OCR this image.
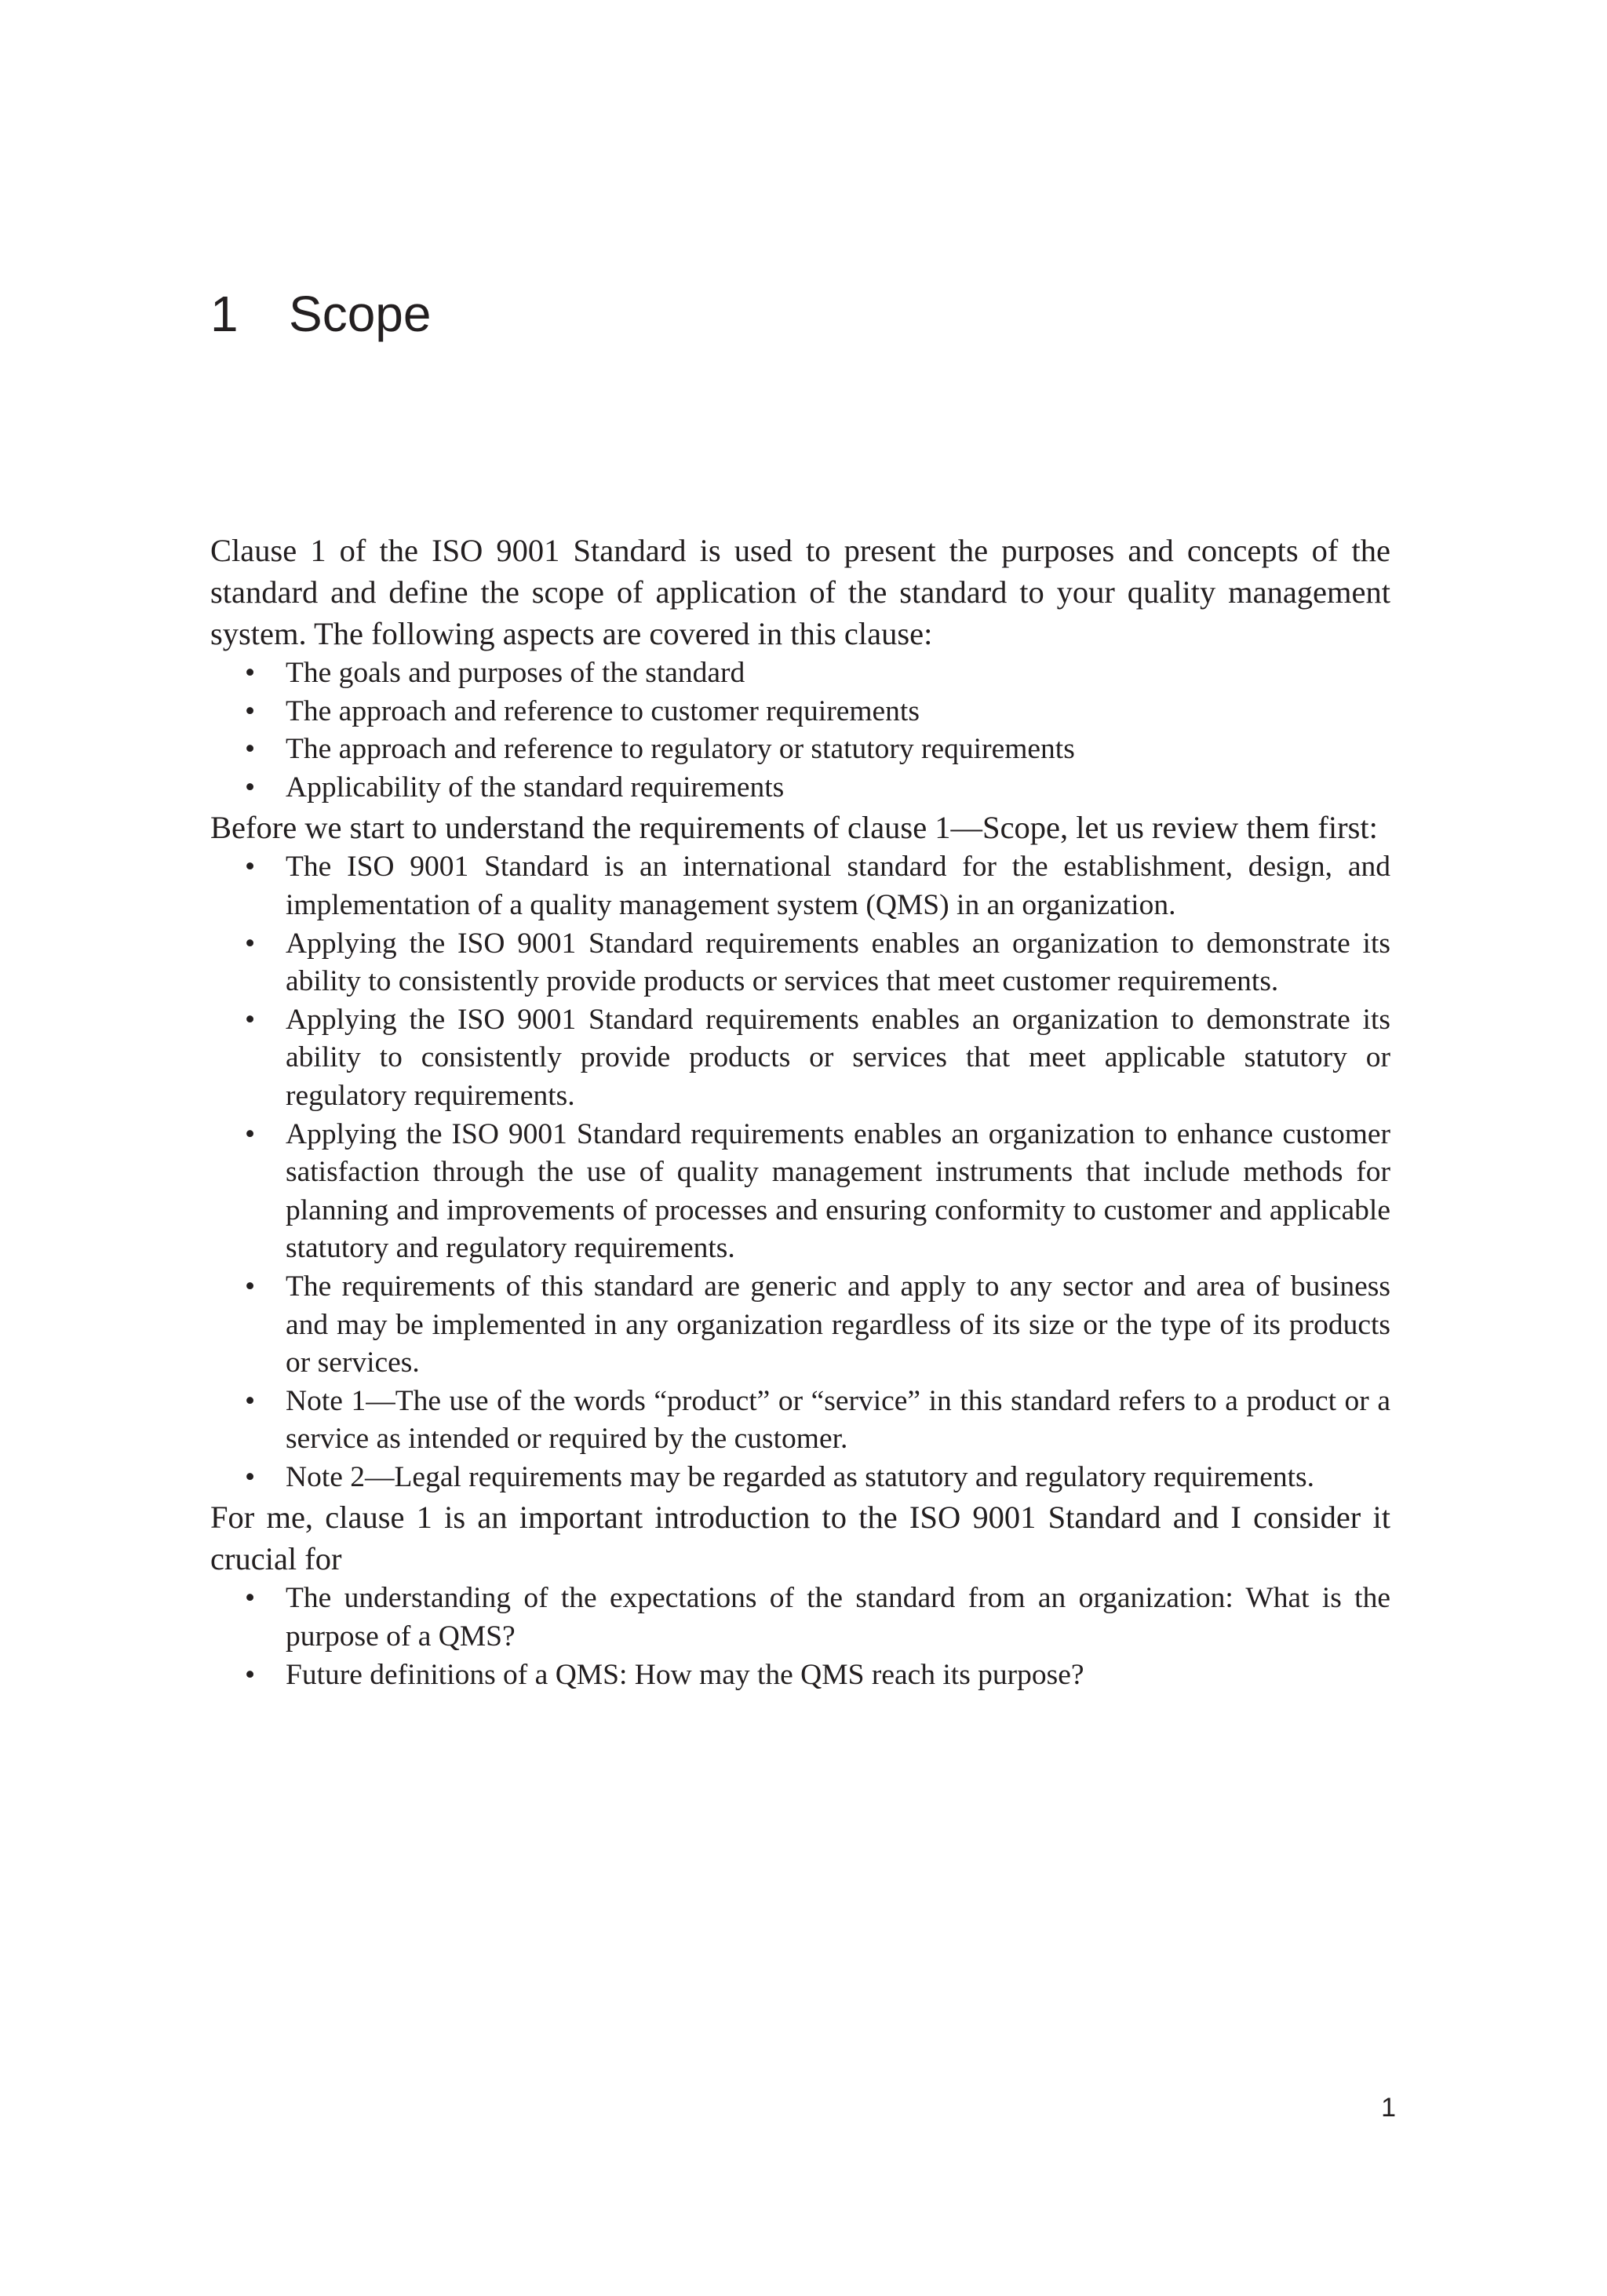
1 Scope

Clause 1 of the ISO 9001 Standard is used to present the purposes and concepts of the standard and define the scope of application of the standard to your quality management system. The following aspects are covered in this clause:

• The goals and purposes of the standard
• The approach and reference to customer requirements
• The approach and reference to regulatory or statutory requirements
• Applicability of the standard requirements

Before we start to understand the requirements of clause 1—Scope, let us review them first:

• The ISO 9001 Standard is an international standard for the establishment, design, and implementation of a quality management system (QMS) in an organization.
• Applying the ISO 9001 Standard requirements enables an organization to demonstrate its ability to consistently provide products or services that meet customer requirements.
• Applying the ISO 9001 Standard requirements enables an organization to demonstrate its ability to consistently provide products or services that meet applicable statutory or regulatory requirements.
• Applying the ISO 9001 Standard requirements enables an organization to enhance customer satisfaction through the use of quality management instruments that include methods for planning and improvements of processes and ensuring conformity to customer and applicable statutory and regulatory requirements.
• The requirements of this standard are generic and apply to any sector and area of business and may be implemented in any organization regardless of its size or the type of its products or services.
• Note 1—The use of the words “product” or “service” in this standard refers to a product or a service as intended or required by the customer.
• Note 2—Legal requirements may be regarded as statutory and regulatory requirements.

For me, clause 1 is an important introduction to the ISO 9001 Standard and I consider it crucial for

• The understanding of the expectations of the standard from an organization: What is the purpose of a QMS?
• Future definitions of a QMS: How may the QMS reach its purpose?
1
